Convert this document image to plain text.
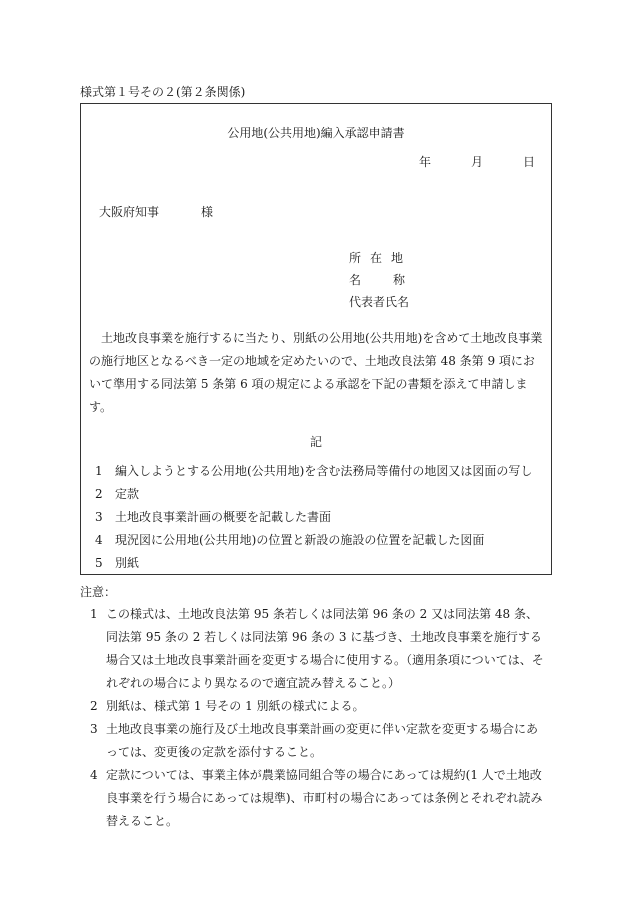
様式第１号その２(第２条関係)
公用地(公共用地)編入承認申請書
年	月	日
大阪府知事	様
所在地
名	称
代表者氏名
土地改良事業を施行するに当たり、別紙の公用地(公共用地)を含めて土地改良事業の施行地区となるべき一定の地域を定めたいので、土地改良法第 48 条第 9 項において準用する同法第 5 条第 6 項の規定による承認を下記の書類を添えて申請します。
記
1 編入しようとする公用地(公共用地)を含む法務局等備付の地図又は図面の写し
2 定款
3 土地改良事業計画の概要を記載した書面
4 現況図に公用地(公共用地)の位置と新設の施設の位置を記載した図面
5 別紙
注意：
1 この様式は、土地改良法第 95 条若しくは同法第 96 条の 2 又は同法第 48 条、同法第 95 条の 2 若しくは同法第 96 条の 3 に基づき、土地改良事業を施行する場合又は土地改良事業計画を変更する場合に使用する。（適用条項については、それぞれの場合により異なるので適宜読み替えること。）
2 別紙は、様式第 1 号その 1 別紙の様式による。
3 土地改良事業の施行及び土地改良事業計画の変更に伴い定款を変更する場合にあっては、変更後の定款を添付すること。
4 定款については、事業主体が農業協同組合等の場合にあっては規約(1 人で土地改良事業を行う場合にあっては規準)、市町村の場合にあっては条例とそれぞれ読み替えること。
